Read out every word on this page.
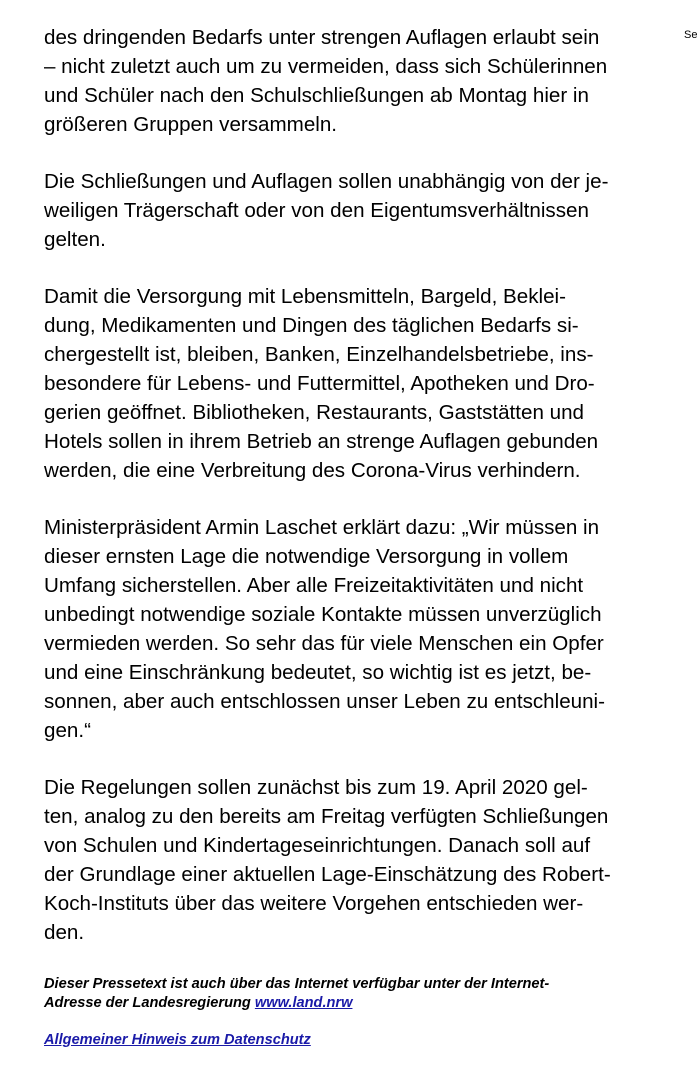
Se
des dringenden Bedarfs unter strengen Auflagen erlaubt sein
– nicht zuletzt auch um zu vermeiden, dass sich Schülerinnen
und Schüler nach den Schulschließungen ab Montag hier in
größeren Gruppen versammeln.
Die Schließungen und Auflagen sollen unabhängig von der je-
weiligen Trägerschaft oder von den Eigentumsverhältnissen
gelten.
Damit die Versorgung mit Lebensmitteln, Bargeld, Beklei-
dung, Medikamenten und Dingen des täglichen Bedarfs si-
chergestellt ist, bleiben, Banken, Einzelhandelsbetriebe, ins-
besondere für Lebens- und Futtermittel, Apotheken und Dro-
gerien geöffnet. Bibliotheken, Restaurants, Gaststätten und
Hotels sollen in ihrem Betrieb an strenge Auflagen gebunden
werden, die eine Verbreitung des Corona-Virus verhindern.
Ministerpräsident Armin Laschet erklärt dazu: „Wir müssen in
dieser ernsten Lage die notwendige Versorgung in vollem
Umfang sicherstellen. Aber alle Freizeitaktivitäten und nicht
unbedingt notwendige soziale Kontakte müssen unverzüglich
vermieden werden. So sehr das für viele Menschen ein Opfer
und eine Einschränkung bedeutet, so wichtig ist es jetzt, be-
sonnen, aber auch entschlossen unser Leben zu entschleuni-
gen.“
Die Regelungen sollen zunächst bis zum 19. April 2020 gel-
ten, analog zu den bereits am Freitag verfügten Schließungen
von Schulen und Kindertageseinrichtungen. Danach soll auf
der Grundlage einer aktuellen Lage-Einschätzung des Robert-
Koch-Instituts über das weitere Vorgehen entschieden wer-
den.
Dieser Pressetext ist auch über das Internet verfügbar unter der Internet-
Adresse der Landesregierung www.land.nrw
Allgemeiner Hinweis zum Datenschutz
